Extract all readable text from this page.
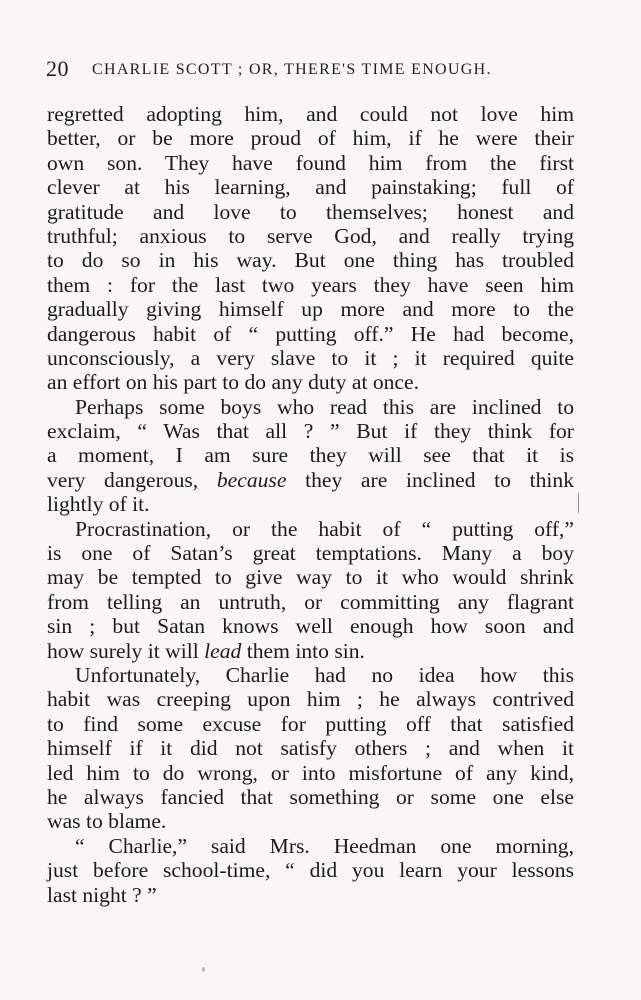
20 CHARLIE SCOTT ; OR, THERE'S TIME ENOUGH.
regretted adopting him, and could not love him
better, or be more proud of him, if he were their
own son. They have found him from the first
clever at his learning, and painstaking; full of
gratitude and love to themselves; honest and
truthful; anxious to serve God, and really trying
to do so in his way. But one thing has troubled
them : for the last two years they have seen him
gradually giving himself up more and more to the
dangerous habit of “ putting off.” He had become,
unconsciously, a very slave to it ; it required quite
an effort on his part to do any duty at once.
Perhaps some boys who read this are inclined to
exclaim, “ Was that all ? ” But if they think for
a moment, I am sure they will see that it is
very dangerous, because they are inclined to think
lightly of it.
Procrastination, or the habit of “ putting off,”
is one of Satan’s great temptations. Many a boy
may be tempted to give way to it who would shrink
from telling an untruth, or committing any flagrant
sin ; but Satan knows well enough how soon and
how surely it will lead them into sin.
Unfortunately, Charlie had no idea how this
habit was creeping upon him ; he always contrived
to find some excuse for putting off that satisfied
himself if it did not satisfy others ; and when it
led him to do wrong, or into misfortune of any kind,
he always fancied that something or some one else
was to blame.
“ Charlie,” said Mrs. Heedman one morning,
just before school-time, “ did you learn your lessons
last night ? ”
